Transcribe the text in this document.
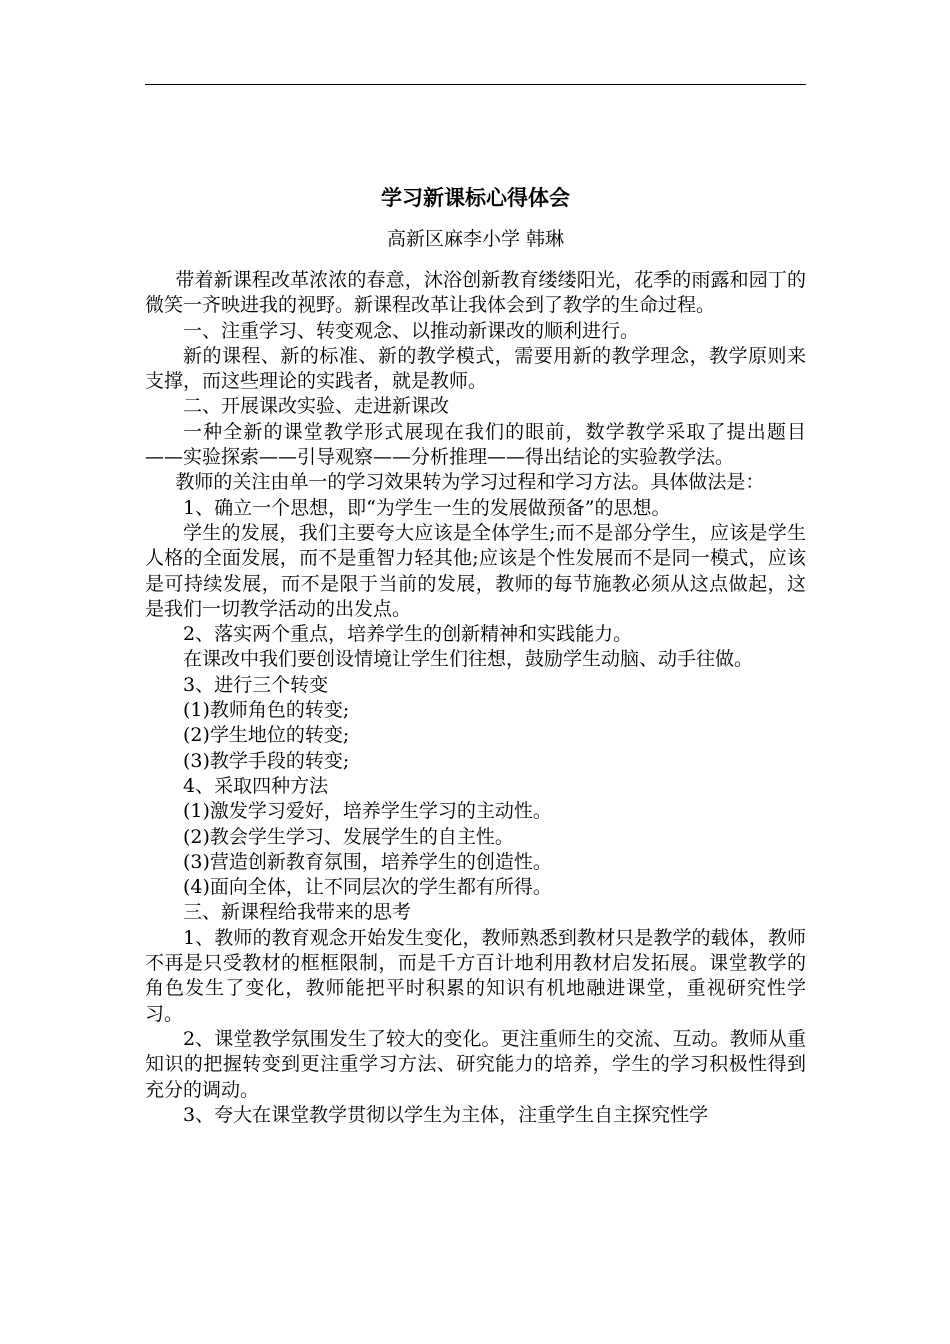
学习新课标心得体会
高新区麻李小学 韩琳

带着新课程改革浓浓的春意，沐浴创新教育缕缕阳光，花季的雨露和园丁的微笑一齐映进我的视野。新课程改革让我体会到了教学的生命过程。

一、注重学习、转变观念、以推动新课改的顺利进行。

新的课程、新的标准、新的教学模式，需要用新的教学理念，教学原则来支撑，而这些理论的实践者，就是教师。

二、开展课改实验、走进新课改

一种全新的课堂教学形式展现在我们的眼前，数学教学采取了提出题目——实验探索——引导观察——分析推理——得出结论的实验教学法。

教师的关注由单一的学习效果转为学习过程和学习方法。具体做法是：

1、确立一个思想，即“为学生一生的发展做预备”的思想。

学生的发展，我们主要夸大应该是全体学生;而不是部分学生，应该是学生人格的全面发展，而不是重智力轻其他;应该是个性发展而不是同一模式，应该是可持续发展，而不是限于当前的发展，教师的每节施教必须从这点做起，这是我们一切教学活动的出发点。

2、落实两个重点，培养学生的创新精神和实践能力。

在课改中我们要创设情境让学生们往想，鼓励学生动脑、动手往做。

3、进行三个转变

(1)教师角色的转变;

(2)学生地位的转变;

(3)教学手段的转变;

4、采取四种方法

(1)激发学习爱好，培养学生学习的主动性。

(2)教会学生学习、发展学生的自主性。

(3)营造创新教育氛围，培养学生的创造性。

(4)面向全体，让不同层次的学生都有所得。

三、新课程给我带来的思考

1、教师的教育观念开始发生变化，教师熟悉到教材只是教学的载体，教师不再是只受教材的框框限制，而是千方百计地利用教材启发拓展。课堂教学的角色发生了变化，教师能把平时积累的知识有机地融进课堂，重视研究性学习。

2、课堂教学氛围发生了较大的变化。更注重师生的交流、互动。教师从重知识的把握转变到更注重学习方法、研究能力的培养，学生的学习积极性得到充分的调动。

3、夸大在课堂教学贯彻以学生为主体，注重学生自主探究性学
